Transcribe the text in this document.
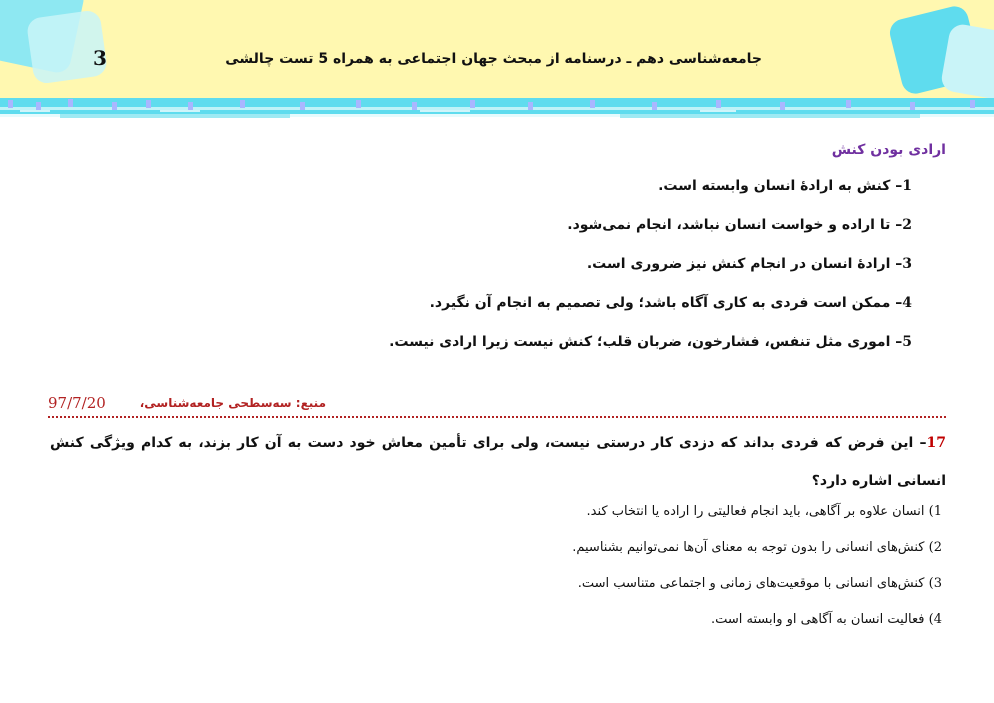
3	جامعه‌شناسی دهم ـ درسنامه از مبحث جهان اجتماعی به همراه 5 تست چالشی
ارادی بودن کنش
1– کنش به ارادهٔ انسان وابسته است.
2– تا اراده و خواست انسان نباشد، انجام نمی‌شود.
3– ارادهٔ انسان در انجام کنش نیز ضروری است.
4– ممکن است فردی به کاری آگاه باشد؛ ولی تصمیم به انجام آن نگیرد.
5– اموری مثل تنفس، فشارخون، ضربان قلب؛ کنش نیست زیرا ارادی نیست.
منبع: سه‌سطحی جامعه‌شناسی،
97/7/20
17– این فرض که فردی بداند که دزدی کار درستی نیست، ولی برای تأمین معاش خود دست به آن کار بزند، به کدام ویژگی کنش انسانی اشاره دارد؟
1) انسان علاوه بر آگاهی، باید انجام فعالیتی را اراده یا انتخاب کند.
2) کنش‌های انسانی را بدون توجه به معنای آن‌ها نمی‌توانیم بشناسیم.
3) کنش‌های انسانی با موقعیت‌های زمانی و اجتماعی متناسب است.
4) فعالیت انسان به آگاهی او وابسته است.
